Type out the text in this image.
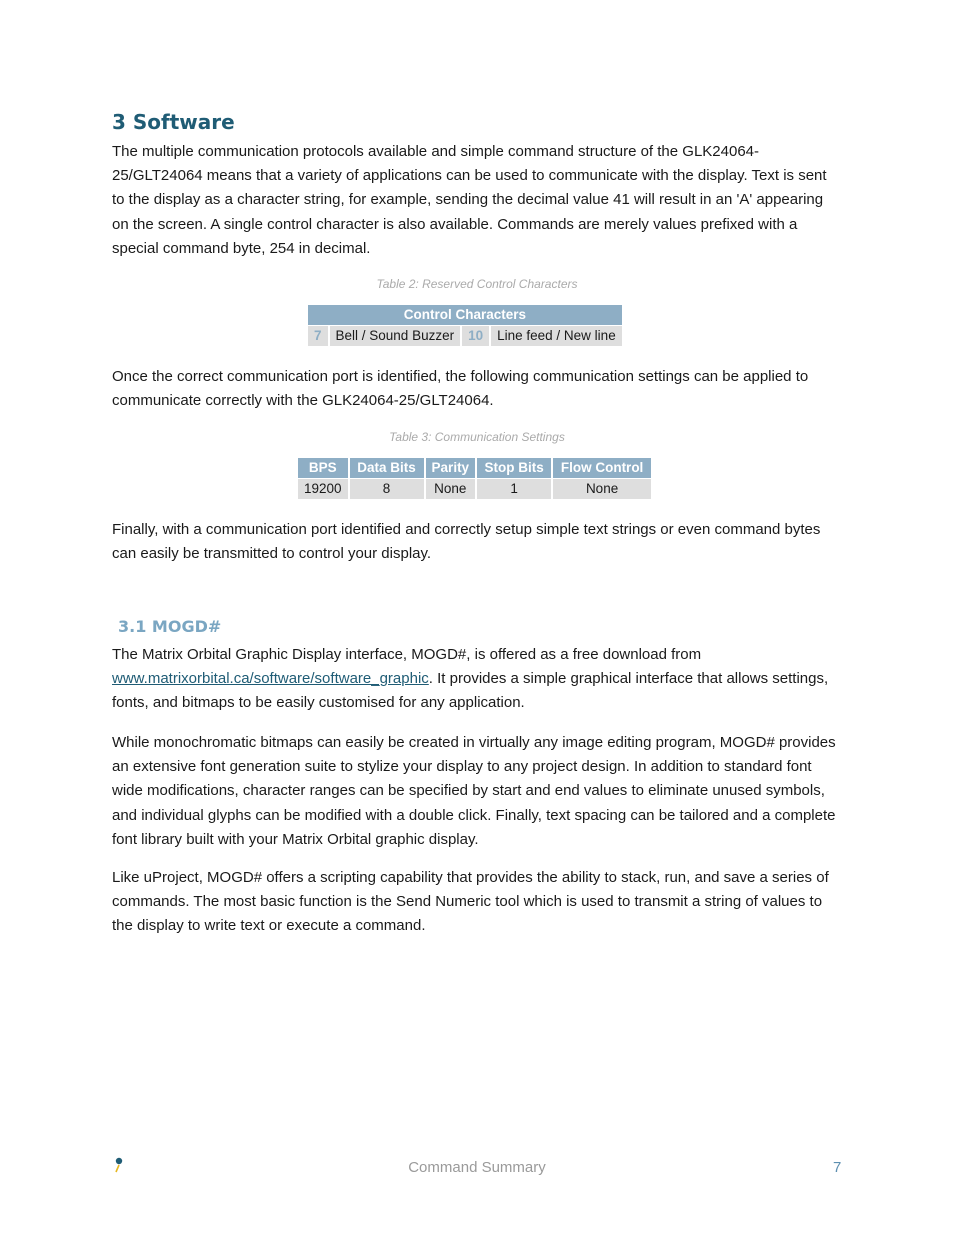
3 Software

The multiple communication protocols available and simple command structure of the GLK24064-25/GLT24064 means that a variety of applications can be used to communicate with the display. Text is sent to the display as a character string, for example, sending the decimal value 41 will result in an 'A' appearing on the screen. A single control character is also available. Commands are merely values prefixed with a special command byte, 254 in decimal.

Table 2: Reserved Control Characters
Control Characters
7	Bell / Sound Buzzer	10	Line feed / New line

Once the correct communication port is identified, the following communication settings can be applied to communicate correctly with the GLK24064-25/GLT24064.

Table 3: Communication Settings
BPS	Data Bits	Parity	Stop Bits	Flow Control
19200	8	None	1	None

Finally, with a communication port identified and correctly setup simple text strings or even command bytes can easily be transmitted to control your display.

3.1 MOGD#

The Matrix Orbital Graphic Display interface, MOGD#, is offered as a free download from www.matrixorbital.ca/software/software_graphic. It provides a simple graphical interface that allows settings, fonts, and bitmaps to be easily customised for any application.

While monochromatic bitmaps can easily be created in virtually any image editing program, MOGD# provides an extensive font generation suite to stylize your display to any project design. In addition to standard font wide modifications, character ranges can be specified by start and end values to eliminate unused symbols, and individual glyphs can be modified with a double click. Finally, text spacing can be tailored and a complete font library built with your Matrix Orbital graphic display.

Like uProject, MOGD# offers a scripting capability that provides the ability to stack, run, and save a series of commands. The most basic function is the Send Numeric tool which is used to transmit a string of values to the display to write text or execute a command.

Command Summary	7
